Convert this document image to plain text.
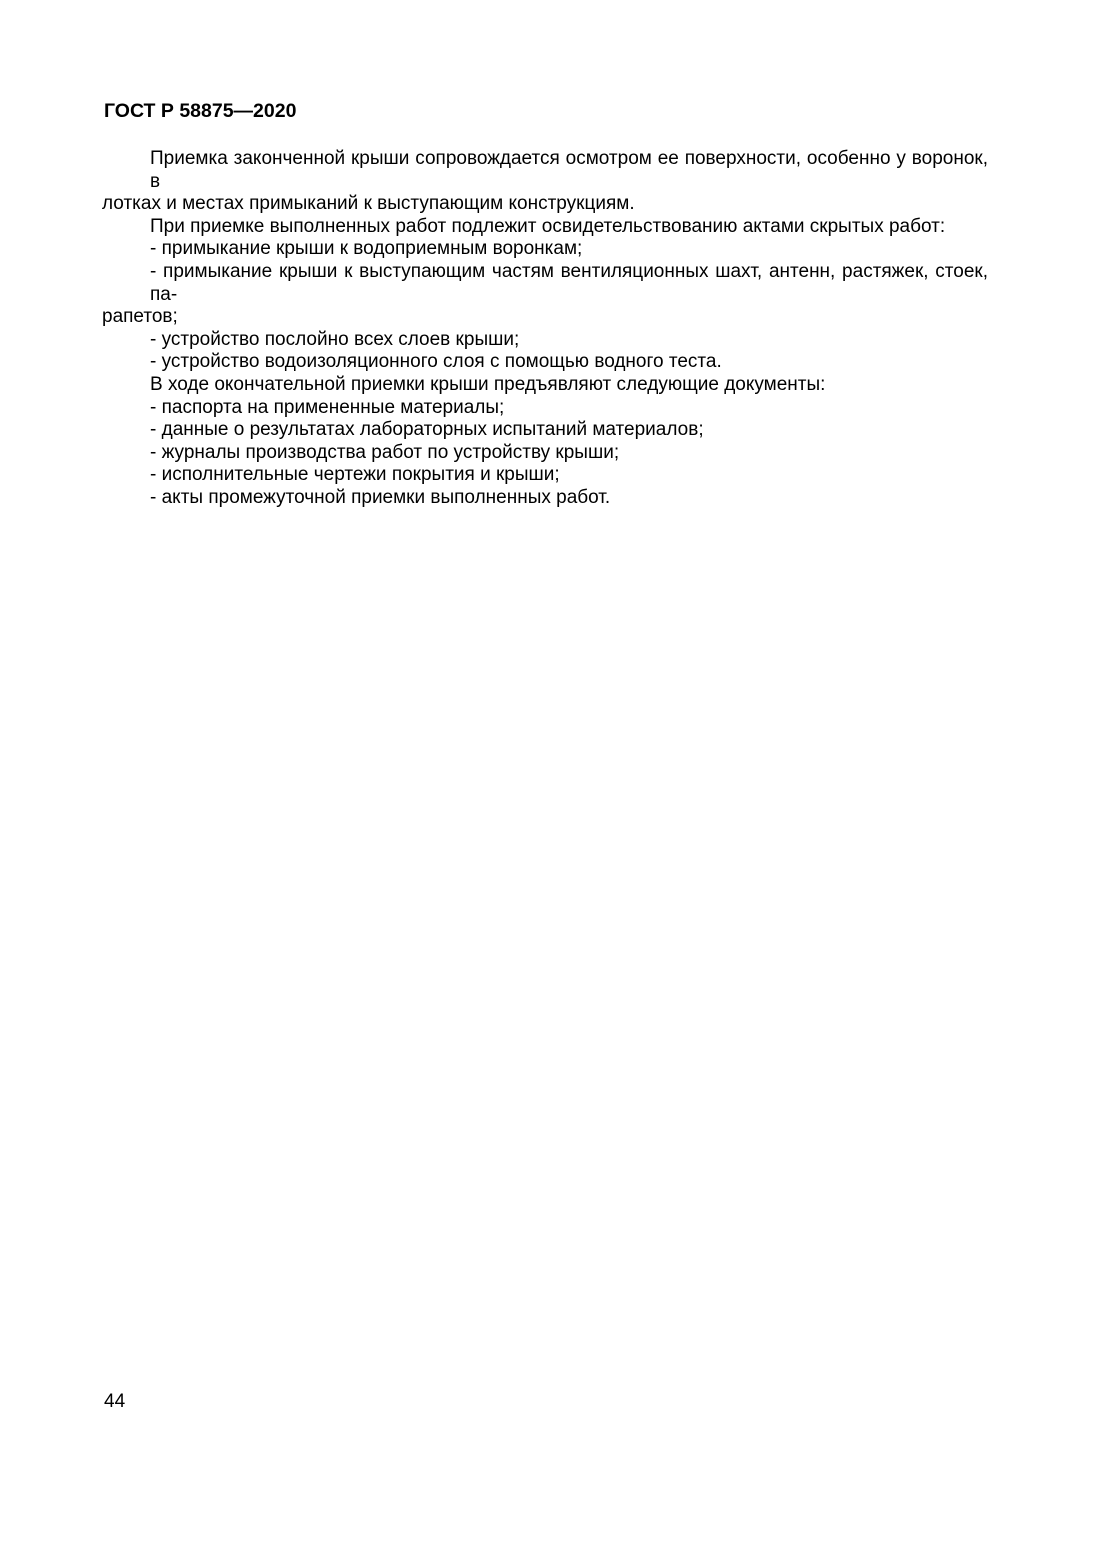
ГОСТ Р 58875—2020
Приемка законченной крыши сопровождается осмотром ее поверхности, особенно у воронок, в
лотках и местах примыканий к выступающим конструкциям.
При приемке выполненных работ подлежит освидетельствованию актами скрытых работ:
- примыкание крыши к водоприемным воронкам;
- примыкание крыши к выступающим частям вентиляционных шахт, антенн, растяжек, стоек, па-
рапетов;
- устройство послойно всех слоев крыши;
- устройство водоизоляционного слоя с помощью водного теста.
В ходе окончательной приемки крыши предъявляют следующие документы:
- паспорта на примененные материалы;
- данные о результатах лабораторных испытаний материалов;
- журналы производства работ по устройству крыши;
- исполнительные чертежи покрытия и крыши;
- акты промежуточной приемки выполненных работ.
44
